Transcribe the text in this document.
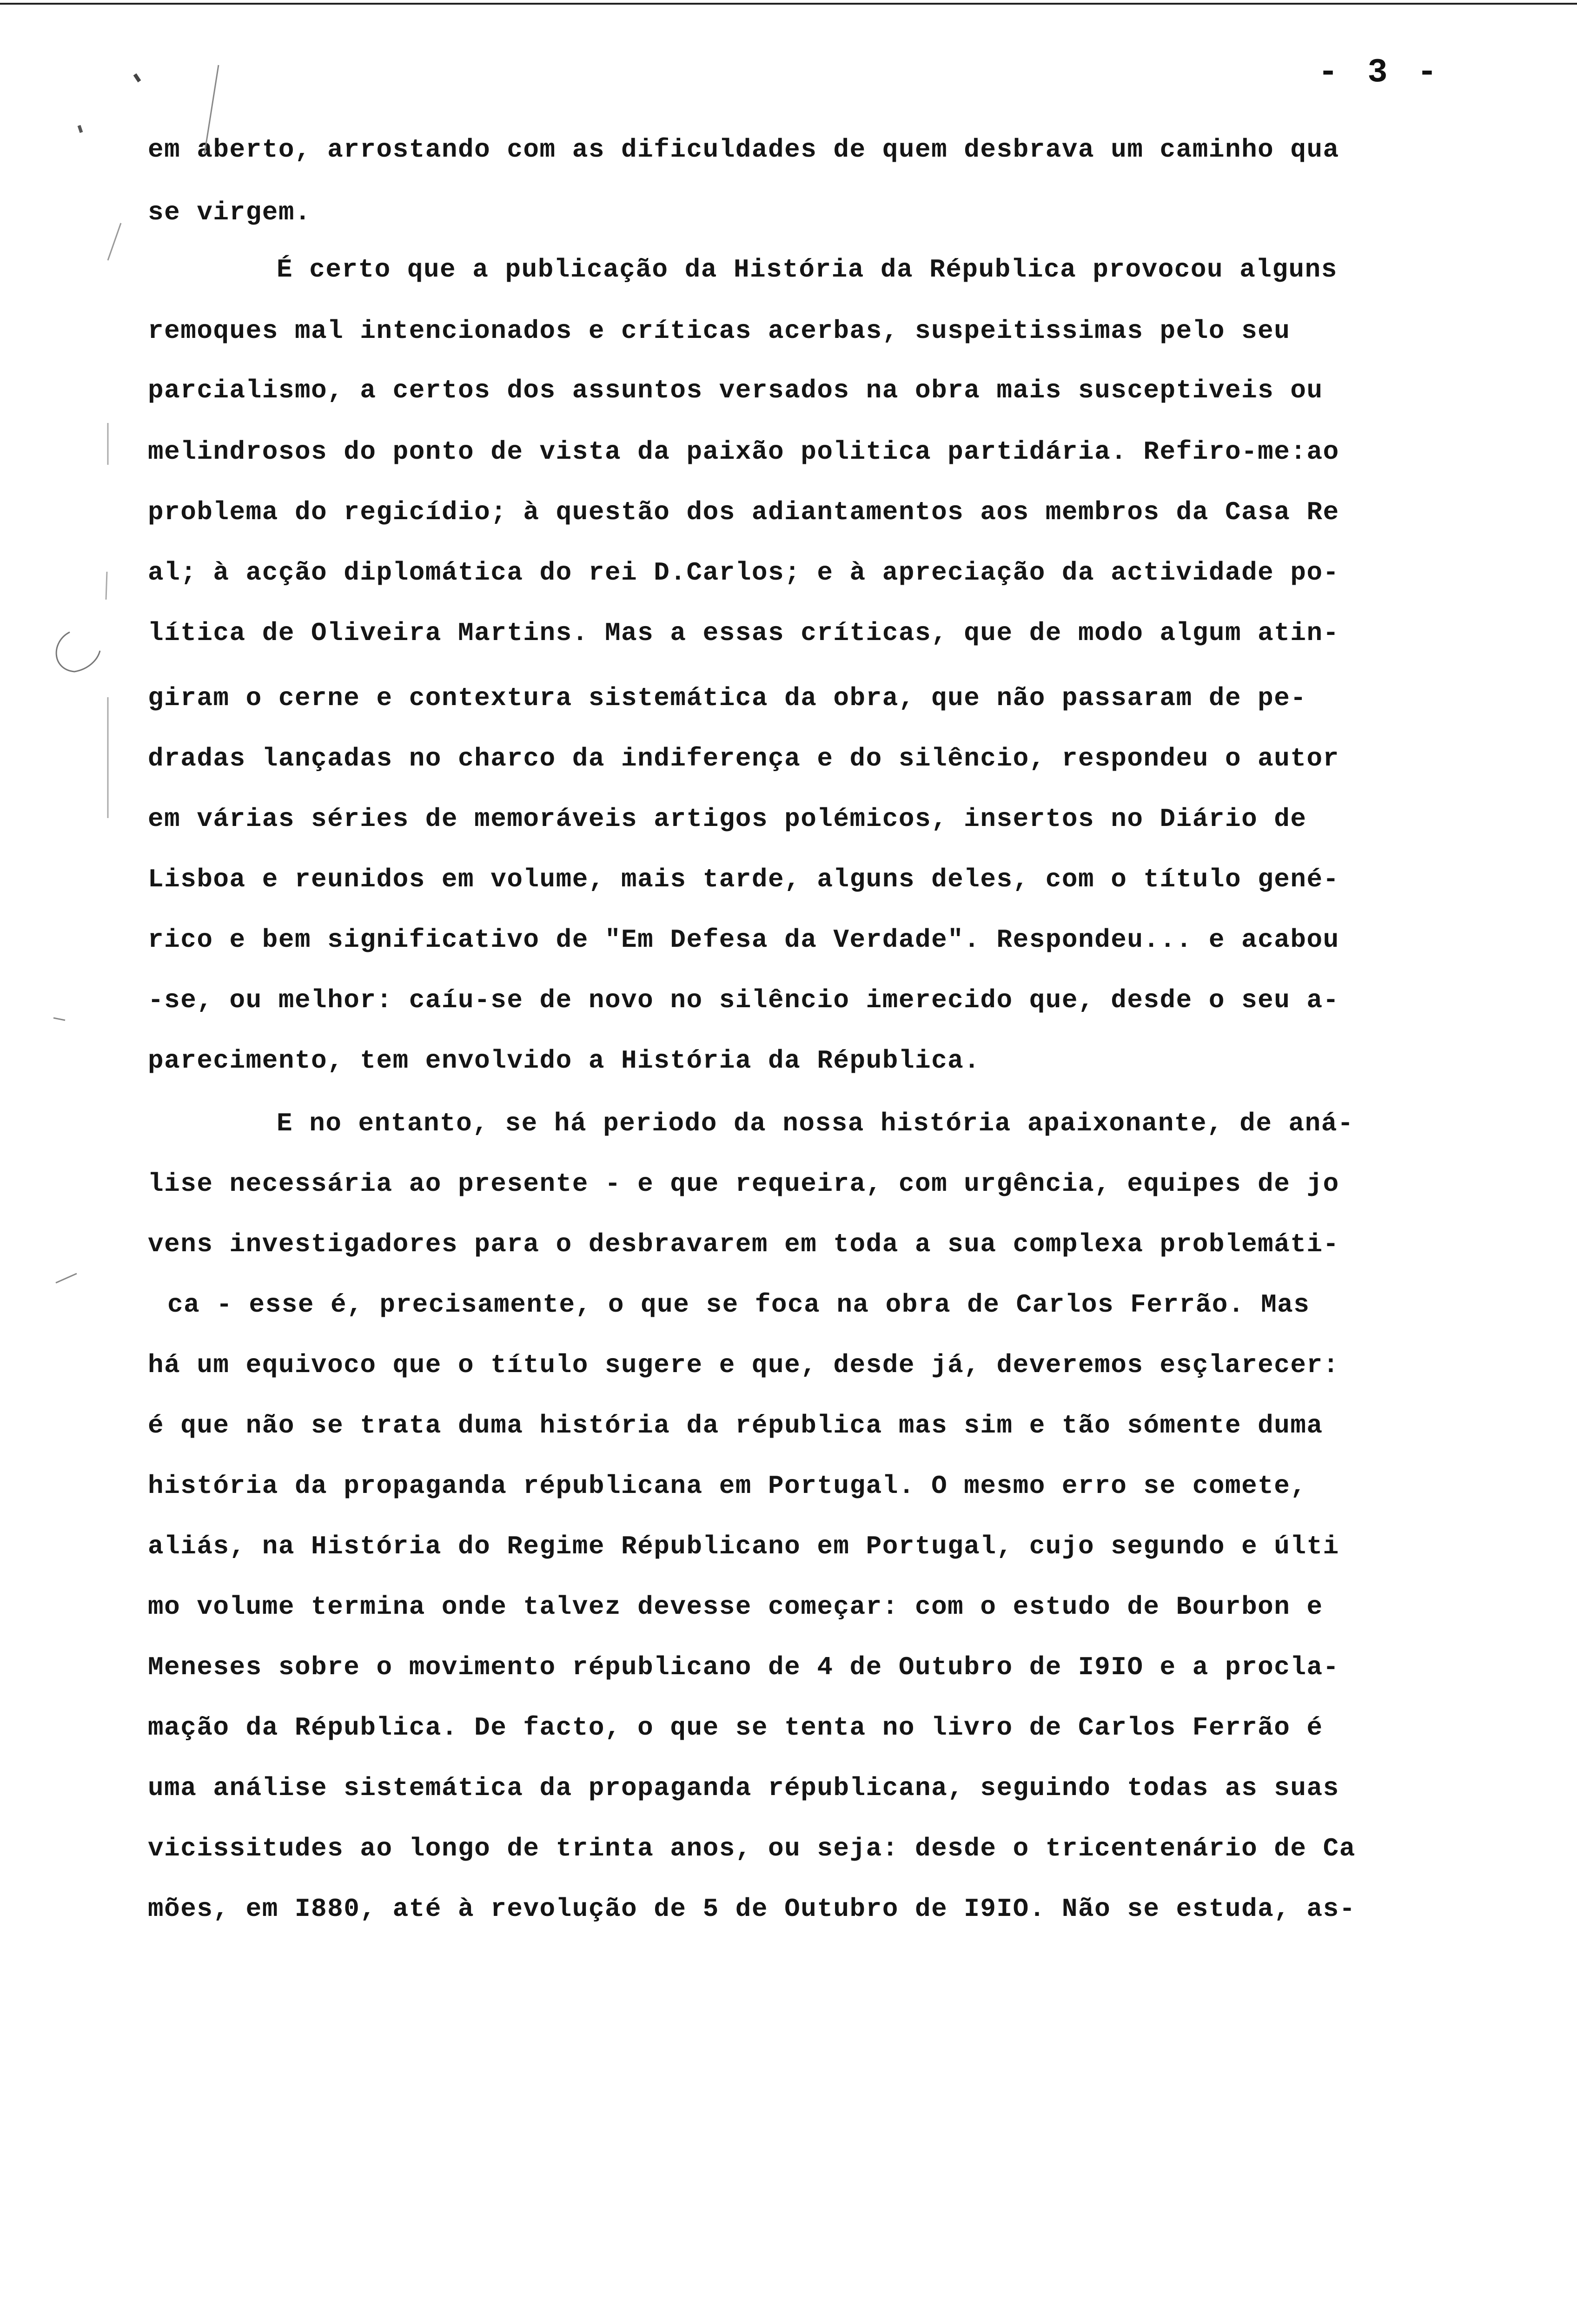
- 3 -
em aberto, arrostando com as dificuldades de quem desbrava um caminho qua
se virgem.
É certo que a publicação da História da Républica provocou alguns
remoques mal intencionados e críticas acerbas, suspeitissimas pelo seu
parcialismo, a certos dos assuntos versados na obra mais susceptiveis ou
melindrosos do ponto de vista da paixão politica partidária. Refiro-me:ao
problema do regicídio; à questão dos adiantamentos aos membros da Casa Re
al; à acção diplomática do rei D.Carlos; e à apreciação da actividade po-
lítica de Oliveira Martins. Mas a essas críticas, que de modo algum atin-
giram o cerne e contextura sistemática da obra, que não passaram de pe-
dradas lançadas no charco da indiferença e do silêncio, respondeu o autor
em várias séries de memoráveis artigos polémicos, insertos no Diário de
Lisboa e reunidos em volume, mais tarde, alguns deles, com o título gené-
rico e bem significativo de "Em Defesa da Verdade". Respondeu... e acabou
-se, ou melhor: caíu-se de novo no silêncio imerecido que, desde o seu a-
parecimento, tem envolvido a História da Républica.
E no entanto, se há periodo da nossa história apaixonante, de aná-
lise necessária ao presente - e que requeira, com urgência, equipes de jo
vens investigadores para o desbravarem em toda a sua complexa problemáti-
ca - esse é, precisamente, o que se foca na obra de Carlos Ferrão. Mas
há um equivoco que o título sugere e que, desde já, deveremos esçlarecer:
é que não se trata duma história da républica mas sim e tão sómente duma
história da propaganda républicana em Portugal. O mesmo erro se comete,
aliás, na História do Regime Républicano em Portugal, cujo segundo e últi
mo volume termina onde talvez devesse começar: com o estudo de Bourbon e
Meneses sobre o movimento républicano de 4 de Outubro de I9IO e a procla-
mação da Républica. De facto, o que se tenta no livro de Carlos Ferrão é
uma análise sistemática da propaganda républicana, seguindo todas as suas
vicissitudes ao longo de trinta anos, ou seja: desde o tricentenário de Ca
mões, em I880, até à revolução de 5 de Outubro de I9IO. Não se estuda, as-
